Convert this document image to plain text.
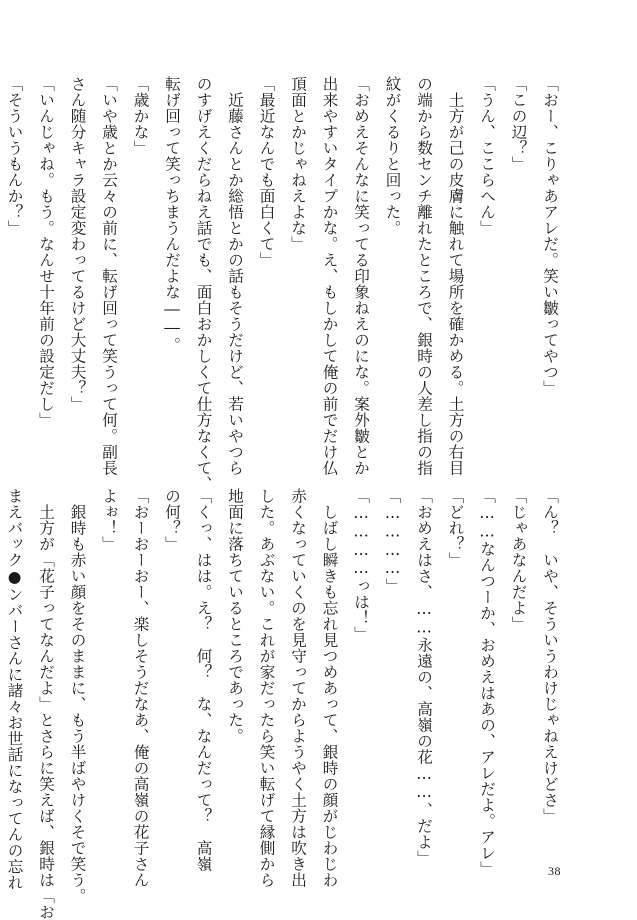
「おー、こりゃあアレだ。笑い皺ってやつ」
「この辺？」
「うん、ここらへん」
　土方が己の皮膚に触れて場所を確かめる。土方の右目
の端から数センチ離れたところで、銀時の人差し指の指
紋がくるりと回った。
「おめえそんなに笑ってる印象ねえのにな。案外皺とか
出来やすいタイプかな。え、もしかして俺の前でだけ仏
頂面とかじゃねえよな」
「最近なんでも面白くて」
　近藤さんとか総悟とかの話もそうだけど、若いやつら
のすげえくだらねえ話でも、面白おかしくて仕方なくて、
転げ回って笑っちまうんだよな――。
「歳かな」
「いや歳とか云々の前に、転げ回って笑うって何。副長
さん随分キャラ設定変わってるけど大丈夫？」
「いんじゃね。もう。なんせ十年前の設定だし」
「そういうもんか？」
「ん？　いや、そういうわけじゃねえけどさ」
「じゃあなんだよ」
「……なんつーか、おめえはあの、アレだよ。アレ」
「どれ？」
「おめえはさ、……永遠の、高嶺の花……、だよ」
「…………」
「…………っは！」
　しばし瞬きも忘れ見つめあって、銀時の顔がじわじわ
赤くなっていくのを見守ってからようやく土方は吹き出
した。あぶない。これが家だったら笑い転げて縁側から
地面に落ちているところであった。
「くっ、はは。え？　何？　な、なんだって？　高嶺
の何？」
「おーおーおー、楽しそうだなあ、俺の高嶺の花子さん
よぉ！」
　銀時も赤い顔をそのままに、もう半ばやけくそで笑う。
　土方が「花子ってなんだよ」とさらに笑えば、銀時は「お
まえバック●ンバーさんに諸々お世話になってんの忘れ	38
